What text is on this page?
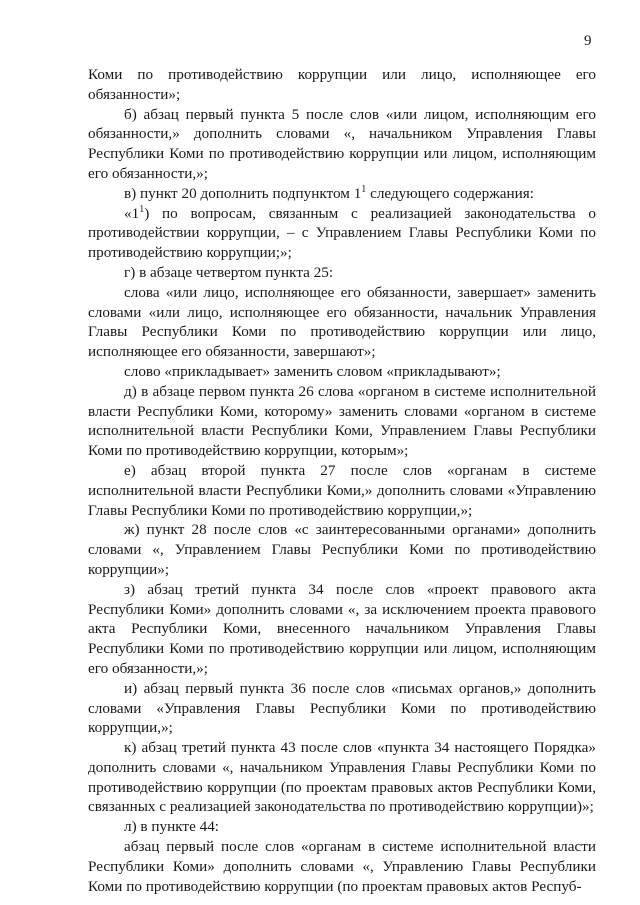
9

Коми по противодействию коррупции или лицо, исполняющее его обязанности»;

б) абзац первый пункта 5 после слов «или лицом, исполняющим его обязанности,» дополнить словами «, начальником Управления Главы Республики Коми по противодействию коррупции или лицом, исполняющим его обязанности,»;

в) пункт 20 дополнить подпунктом $1^1$ следующего содержания:

«$1^1$) по вопросам, связанным с реализацией законодательства о противодействии коррупции, – с Управлением Главы Республики Коми по противодействию коррупции;»;

г) в абзаце четвертом пункта 25:

слова «или лицо, исполняющее его обязанности, завершает» заменить словами «или лицо, исполняющее его обязанности, начальник Управления Главы Республики Коми по противодействию коррупции или лицо, исполняющее его обязанности, завершают»;

слово «прикладывает» заменить словом «прикладывают»;

д) в абзаце первом пункта 26 слова «органом в системе исполнительной власти Республики Коми, которому» заменить словами «органом в системе исполнительной власти Республики Коми, Управлением Главы Республики Коми по противодействию коррупции, которым»;

е) абзац второй пункта 27 после слов «органам в системе исполнительной власти Республики Коми,» дополнить словами «Управлению Главы Республики Коми по противодействию коррупции,»;

ж) пункт 28 после слов «с заинтересованными органами» дополнить словами «, Управлением Главы Республики Коми по противодействию коррупции»;

з) абзац третий пункта 34 после слов «проект правового акта Республики Коми» дополнить словами «, за исключением проекта правового акта Республики Коми, внесенного начальником Управления Главы Республики Коми по противодействию коррупции или лицом, исполняющим его обязанности,»;

и) абзац первый пункта 36 после слов «письмах органов,» дополнить словами «Управления Главы Республики Коми по противодействию коррупции,»;

к) абзац третий пункта 43 после слов «пункта 34 настоящего Порядка» дополнить словами «, начальником Управления Главы Республики Коми по противодействию коррупции (по проектам правовых актов Республики Коми, связанных с реализацией законодательства по противодействию коррупции)»;

л) в пункте 44:

абзац первый после слов «органам в системе исполнительной власти Республики Коми» дополнить словами «, Управлению Главы Республики Коми по противодействию коррупции (по проектам правовых актов Респуб-
